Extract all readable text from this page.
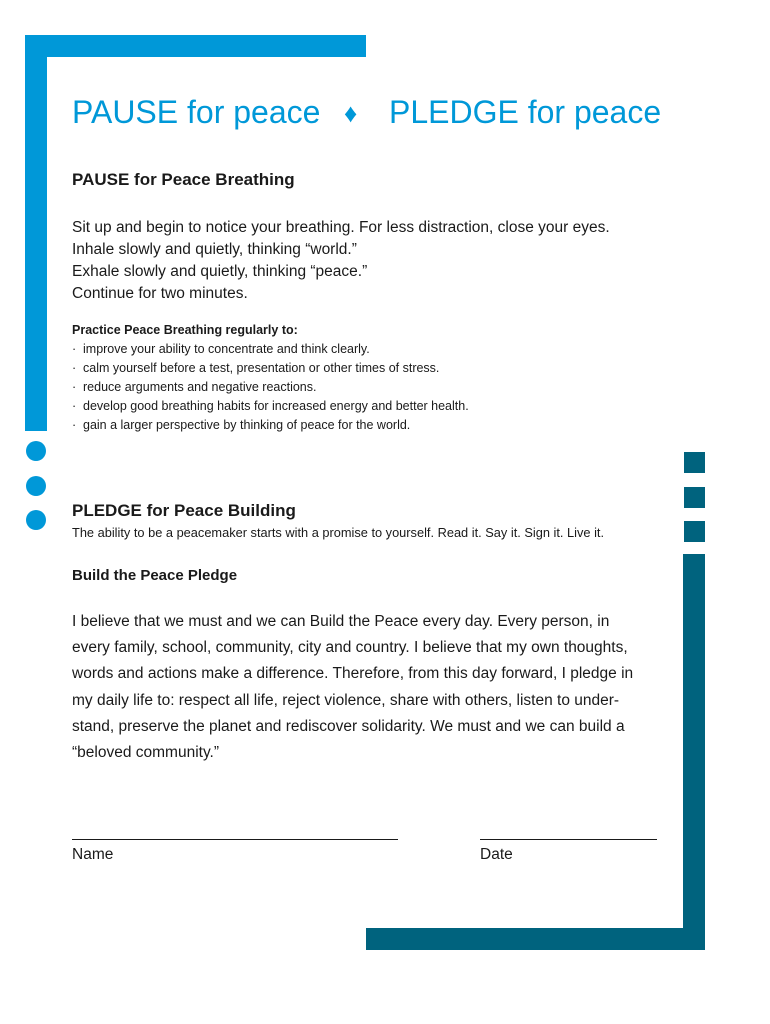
PAUSE for peace ♦ PLEDGE for peace
PAUSE for Peace Breathing
Sit up and begin to notice your breathing. For less distraction, close your eyes.
Inhale slowly and quietly, thinking “world.”
Exhale slowly and quietly, thinking “peace.”
Continue for two minutes.
Practice Peace Breathing regularly to:
· improve your ability to concentrate and think clearly.
· calm yourself before a test, presentation or other times of stress.
· reduce arguments and negative reactions.
· develop good breathing habits for increased energy and better health.
· gain a larger perspective by thinking of peace for the world.
PLEDGE for Peace Building
The ability to be a peacemaker starts with a promise to yourself. Read it. Say it. Sign it. Live it.
Build the Peace Pledge
I believe that we must and we can Build the Peace every day. Every person, in
every family, school, community, city and country. I believe that my own thoughts,
words and actions make a difference. Therefore, from this day forward, I pledge in
my daily life to: respect all life, reject violence, share with others, listen to under-
stand, preserve the planet and rediscover solidarity. We must and we can build a
“beloved community.”
Name	Date
